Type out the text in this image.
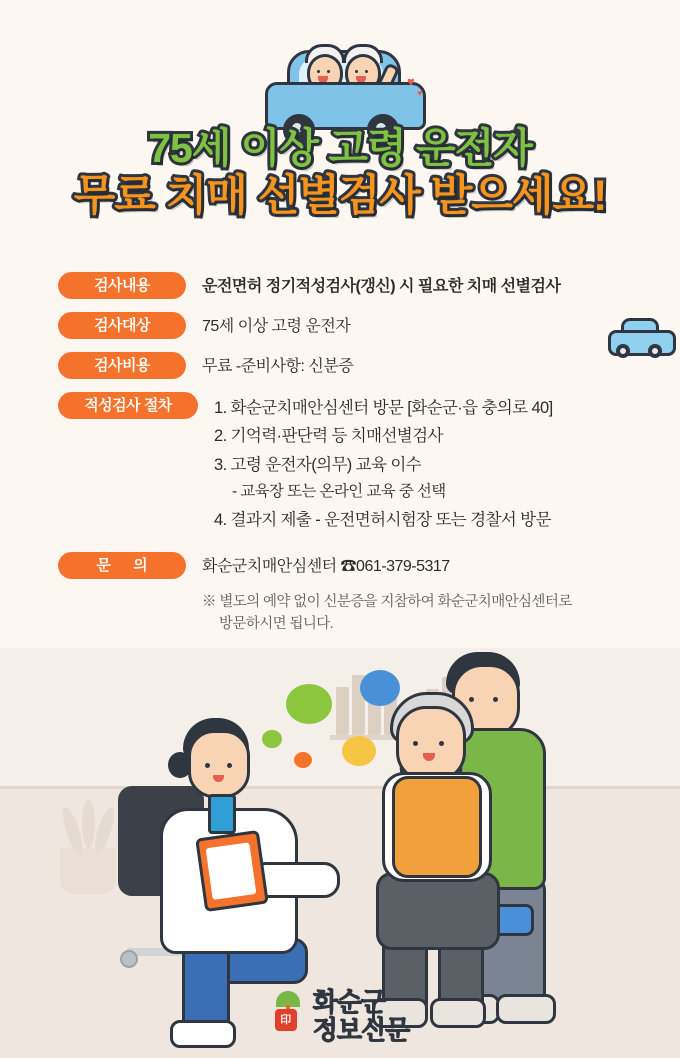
♥
♥
75세 이상 고령 운전자
무료 치매 선별검사 받으세요!
검사내용	운전면허 정기적성검사(갱신) 시 필요한 치매 선별검사
검사대상	75세 이상 고령 운전자
검사비용	무료 -준비사항: 신분증
적성검사 절차	1. 화순군치매안심센터 방문 [화순군·읍 충의로 40]
2. 기억력·판단력 등 치매선별검사
3. 고령 운전자(의무) 교육 이수
- 교육장 또는 온라인 교육 중 선택
4. 결과지 제출 - 운전면허시험장 또는 경찰서 방문
문 의	화순군치매안심센터 ☎061-379-5317
※ 별도의 예약 없이 신분증을 지참하여 화순군치매안심센터로
방문하시면 됩니다.
印
화순군
정보신문
